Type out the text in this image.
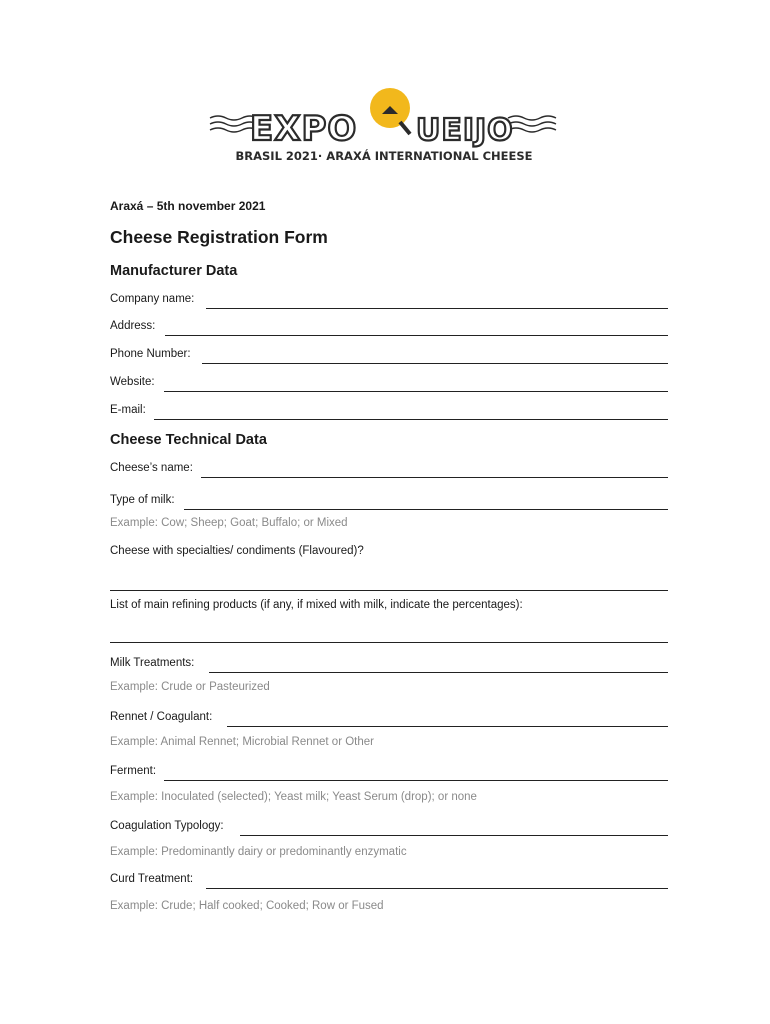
EXPO UEIJO
BRASIL 2021· ARAXÁ INTERNATIONAL CHEESE
Araxá – 5th november 2021
Cheese Registration Form
Manufacturer Data
Company name:
Address:
Phone Number:
Website:
E-mail:
Cheese Technical Data
Cheese’s name:
Type of milk:
Example: Cow; Sheep; Goat; Buffalo; or Mixed
Cheese with specialties/ condiments (Flavoured)?
List of main refining products (if any, if mixed with milk, indicate the percentages):
Milk Treatments:
Example: Crude or Pasteurized
Rennet / Coagulant:
Example: Animal Rennet; Microbial Rennet or Other
Ferment:
Example: Inoculated (selected); Yeast milk; Yeast Serum (drop); or none
Coagulation Typology:
Example: Predominantly dairy or predominantly enzymatic
Curd Treatment:
Example: Crude; Half cooked; Cooked; Row or Fused
